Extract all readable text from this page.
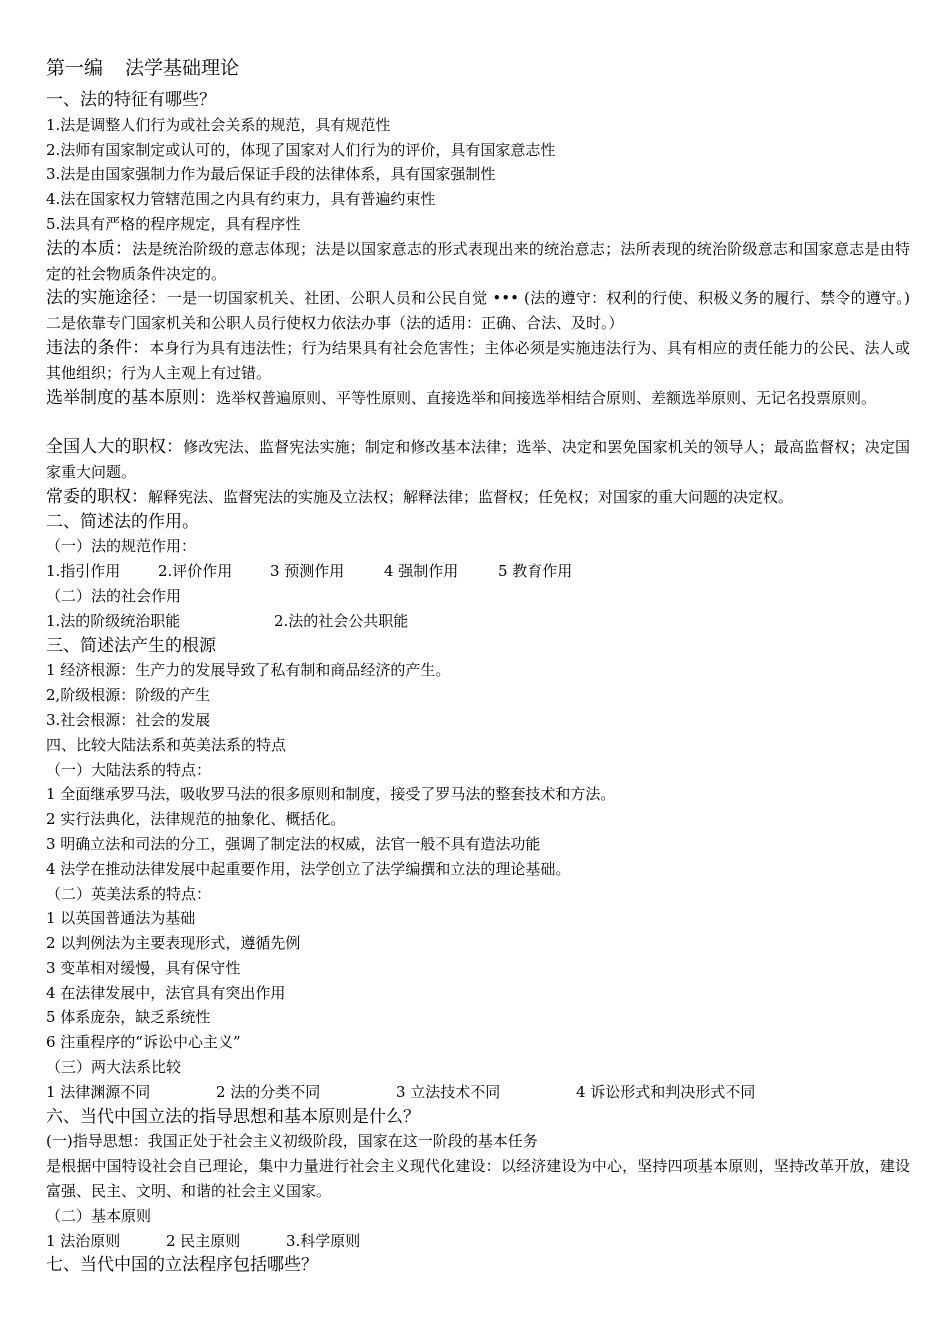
第一编 法学基础理论
一、法的特征有哪些？
1.法是调整人们行为或社会关系的规范，具有规范性
2.法师有国家制定或认可的，体现了国家对人们行为的评价，具有国家意志性
3.法是由国家强制力作为最后保证手段的法律体系，具有国家强制性
4.法在国家权力管辖范围之内具有约束力，具有普遍约束性
5.法具有严格的程序规定，具有程序性
法的本质：法是统治阶级的意志体现；法是以国家意志的形式表现出来的统治意志；法所表现的统治阶级意志和国家意志是由特定的社会物质条件决定的。
法的实施途径：一是一切国家机关、社团、公职人员和公民自觉 ••• (法的遵守：权利的行使、积极义务的履行、禁令的遵守。) 二是依靠专门国家机关和公职人员行使权力依法办事（法的适用：正确、合法、及时。）
违法的条件：本身行为具有违法性；行为结果具有社会危害性；主体必须是实施违法行为、具有相应的责任能力的公民、法人或其他组织；行为人主观上有过错。
选举制度的基本原则：选举权普遍原则、平等性原则、直接选举和间接选举相结合原则、差额选举原则、无记名投票原则。
全国人大的职权：修改宪法、监督宪法实施；制定和修改基本法律；选举、决定和罢免国家机关的领导人；最高监督权；决定国家重大问题。
常委的职权：解释宪法、监督宪法的实施及立法权；解释法律；监督权；任免权；对国家的重大问题的决定权。
二、简述法的作用。
（一）法的规范作用：
1.指引作用	2.评价作用	3 预测作用	4 强制作用	5 教育作用
（二）法的社会作用
1.法的阶级统治职能	2.法的社会公共职能
三、简述法产生的根源
1 经济根源：生产力的发展导致了私有制和商品经济的产生。
2,阶级根源：阶级的产生
3.社会根源：社会的发展
四、比较大陆法系和英美法系的特点
（一）大陆法系的特点：
1 全面继承罗马法，吸收罗马法的很多原则和制度，接受了罗马法的整套技术和方法。
2 实行法典化，法律规范的抽象化、概括化。
3 明确立法和司法的分工，强调了制定法的权威，法官一般不具有造法功能
4 法学在推动法律发展中起重要作用，法学创立了法学编撰和立法的理论基础。
（二）英美法系的特点：
1 以英国普通法为基础
2 以判例法为主要表现形式，遵循先例
3 变革相对缓慢，具有保守性
4 在法律发展中，法官具有突出作用
5 体系庞杂，缺乏系统性
6 注重程序的“诉讼中心主义”
（三）两大法系比较
1 法律渊源不同	2 法的分类不同	3 立法技术不同	4 诉讼形式和判决形式不同
六、当代中国立法的指导思想和基本原则是什么？
(一)指导思想：我国正处于社会主义初级阶段，国家在这一阶段的基本任务
是根据中国特设社会自已理论，集中力量进行社会主义现代化建设：以经济建设为中心，坚持四项基本原则，坚持改革开放，建设富强、民主、文明、和谐的社会主义国家。
（二）基本原则
1 法治原则	2 民主原则	3.科学原则
七、当代中国的立法程序包括哪些？
